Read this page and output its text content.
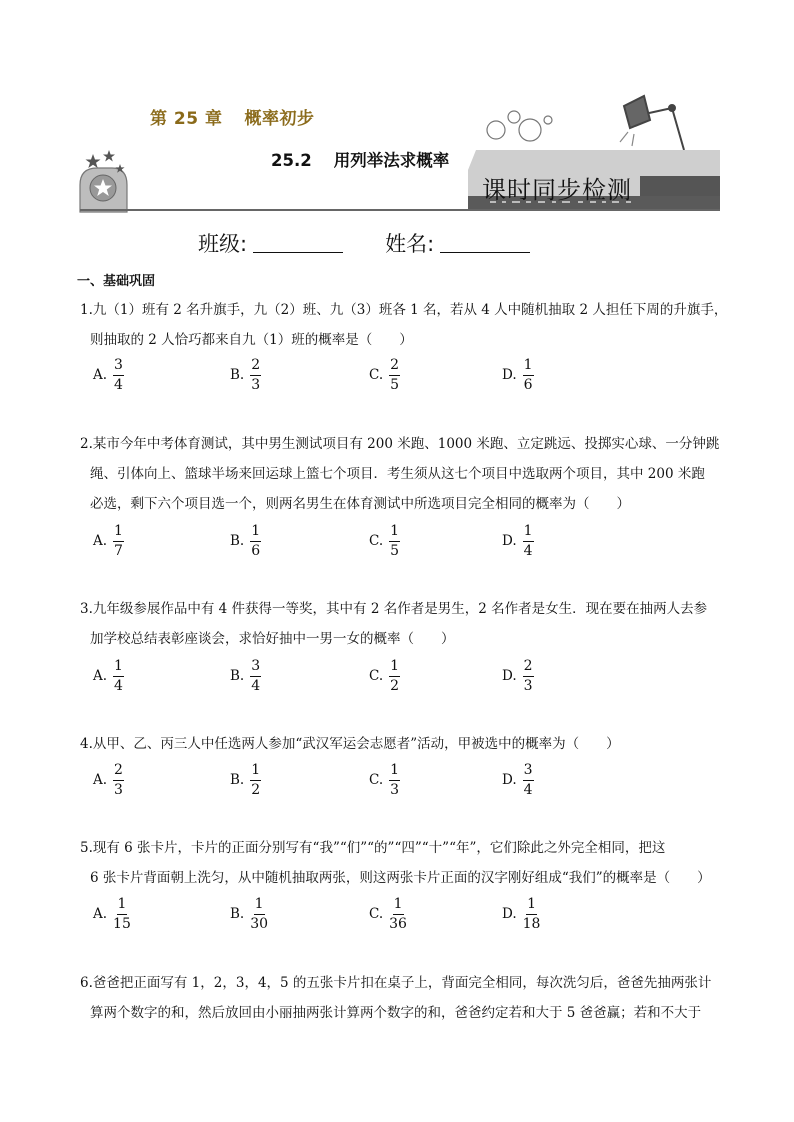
第 25 章 概率初步
25.2 用列举法求概率
课时同步检测
班级:	姓名:
一、基础巩固
1.九（1）班有 2 名升旗手，九（2）班、九（3）班各 1 名，若从 4 人中随机抽取 2 人担任下周的升旗手，
则抽取的 2 人恰巧都来自九（1）班的概率是（　　）
A. $\frac{3}{4}$	B. $\frac{2}{3}$	C. $\frac{2}{5}$	D. $\frac{1}{6}$
2.某市今年中考体育测试，其中男生测试项目有 200 米跑、1000 米跑、立定跳远、投掷实心球、一分钟跳
绳、引体向上、篮球半场来回运球上篮七个项目．考生须从这七个项目中选取两个项目，其中 200 米跑
必选，剩下六个项目选一个，则两名男生在体育测试中所选项目完全相同的概率为（　　）
A. $\frac{1}{7}$	B. $\frac{1}{6}$	C. $\frac{1}{5}$	D. $\frac{1}{4}$
3.九年级参展作品中有 4 件获得一等奖，其中有 2 名作者是男生，2 名作者是女生．现在要在抽两人去参
加学校总结表彰座谈会，求恰好抽中一男一女的概率（　　）
A. $\frac{1}{4}$	B. $\frac{3}{4}$	C. $\frac{1}{2}$	D. $\frac{2}{3}$
4.从甲、乙、丙三人中任选两人参加“武汉军运会志愿者”活动，甲被选中的概率为（　　）
A. $\frac{2}{3}$	B. $\frac{1}{2}$	C. $\frac{1}{3}$	D. $\frac{3}{4}$
5.现有 6 张卡片，卡片的正面分别写有“我”“们”“的”“四”“十”“年”，它们除此之外完全相同，把这
6 张卡片背面朝上洗匀，从中随机抽取两张，则这两张卡片正面的汉字刚好组成“我们”的概率是（　　）
A. $\frac{1}{15}$	B. $\frac{1}{30}$	C. $\frac{1}{36}$	D. $\frac{1}{18}$
6.爸爸把正面写有 1，2，3，4，5 的五张卡片扣在桌子上，背面完全相同，每次洗匀后，爸爸先抽两张计
算两个数字的和，然后放回由小丽抽两张计算两个数字的和，爸爸约定若和大于 5 爸爸赢；若和不大于
